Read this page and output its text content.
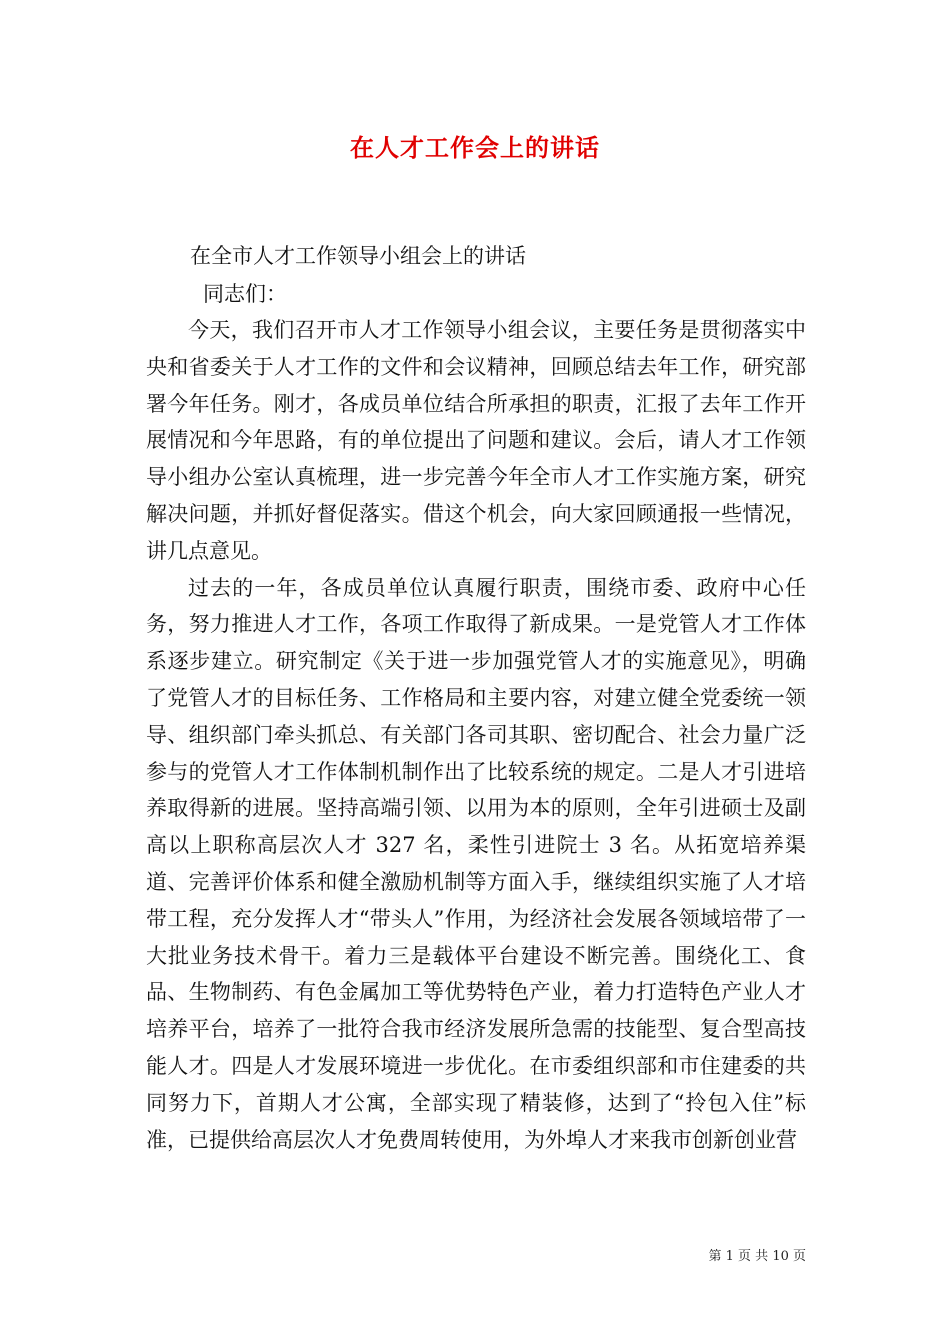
在人才工作会上的讲话
在全市人才工作领导小组会上的讲话
同志们：

今天，我们召开市人才工作领导小组会议，主要任务是贯彻落实中央和省委关于人才工作的文件和会议精神，回顾总结去年工作，研究部署今年任务。刚才，各成员单位结合所承担的职责，汇报了去年工作开展情况和今年思路，有的单位提出了问题和建议。会后，请人才工作领导小组办公室认真梳理，进一步完善今年全市人才工作实施方案，研究解决问题，并抓好督促落实。借这个机会，向大家回顾通报一些情况，讲几点意见。

过去的一年，各成员单位认真履行职责，围绕市委、政府中心任务，努力推进人才工作，各项工作取得了新成果。一是党管人才工作体系逐步建立。研究制定《关于进一步加强党管人才的实施意见》，明确了党管人才的目标任务、工作格局和主要内容，对建立健全党委统一领导、组织部门牵头抓总、有关部门各司其职、密切配合、社会力量广泛参与的党管人才工作体制机制作出了比较系统的规定。二是人才引进培养取得新的进展。坚持高端引领、以用为本的原则，全年引进硕士及副高以上职称高层次人才 327 名，柔性引进院士 3 名。从拓宽培养渠道、完善评价体系和健全激励机制等方面入手，继续组织实施了人才培带工程，充分发挥人才“带头人”作用，为经济社会发展各领域培带了一大批业务技术骨干。着力三是载体平台建设不断完善。围绕化工、食品、生物制药、有色金属加工等优势特色产业，着力打造特色产业人才培养平台，培养了一批符合我市经济发展所急需的技能型、复合型高技能人才。四是人才发展环境进一步优化。在市委组织部和市住建委的共同努力下，首期人才公寓，全部实现了精装修，达到了“拎包入住”标准，已提供给高层次人才免费周转使用，为外埠人才来我市创新创业营

第 1 页 共 10 页
